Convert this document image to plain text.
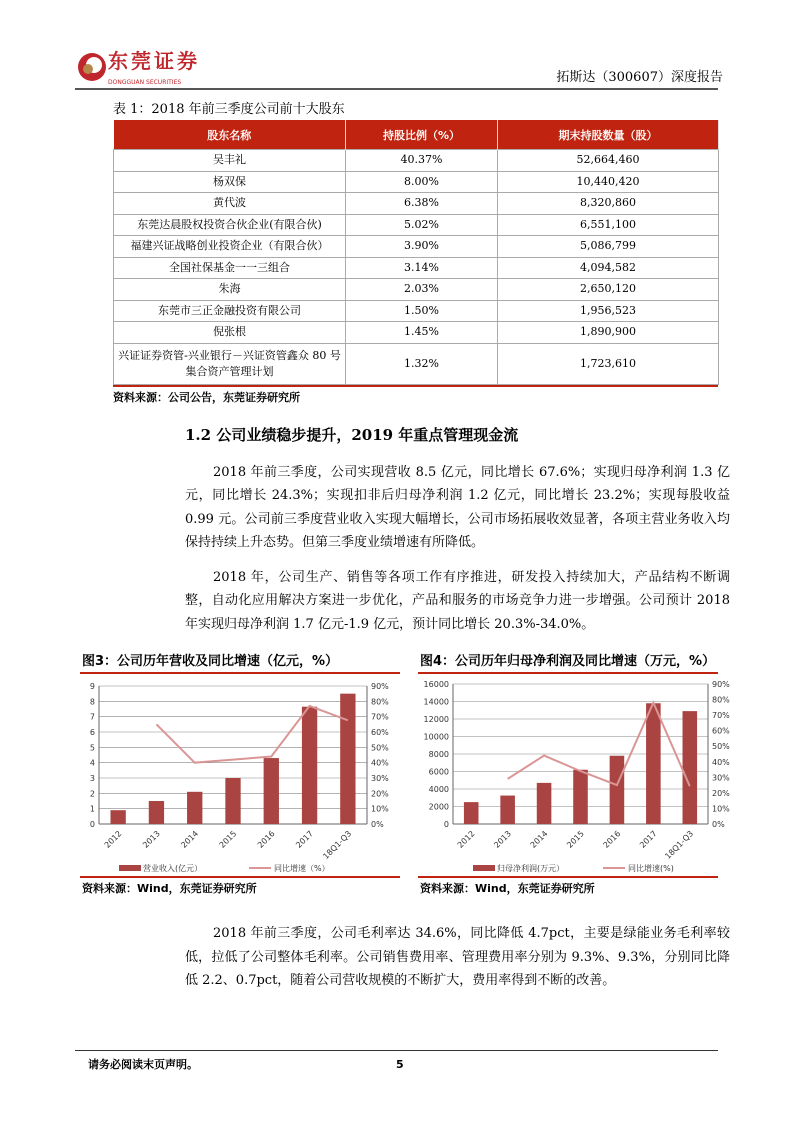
东莞证券
DONGGUAN SECURITIES	拓斯达（300607）深度报告
表 1：2018 年前三季度公司前十大股东
股东名称	持股比例（%）	期末持股数量（股）
吴丰礼	40.37%	52,664,460
杨双保	8.00%	10,440,420
黄代波	6.38%	8,320,860
东莞达晨股权投资合伙企业(有限合伙)	5.02%	6,551,100
福建兴证战略创业投资企业（有限合伙）	3.90%	5,086,799
全国社保基金一一三组合	3.14%	4,094,582
朱海	2.03%	2,650,120
东莞市三正金融投资有限公司	1.50%	1,956,523
倪张根	1.45%	1,890,900
兴证证券资管-兴业银行－兴证资管鑫众 80 号集合资产管理计划	1.32%	1,723,610
资料来源：公司公告，东莞证券研究所
1.2 公司业绩稳步提升，2019 年重点管理现金流

2018 年前三季度，公司实现营收 8.5 亿元，同比增长 67.6%；实现归母净利润 1.3 亿元，同比增长 24.3%；实现扣非后归母净利润 1.2 亿元，同比增长 23.2%；实现每股收益 0.99 元。公司前三季度营业收入实现大幅增长，公司市场拓展收效显著，各项主营业务收入均保持持续上升态势。但第三季度业绩增速有所降低。

2018 年，公司生产、销售等各项工作有序推进，研发投入持续加大，产品结构不断调整，自动化应用解决方案进一步优化，产品和服务的市场竞争力进一步增强。公司预计 2018 年实现归母净利润 1.7 亿元-1.9 亿元，预计同比增长 20.3%-34.0%。

图3：公司历年营收及同比增速（亿元，%）
0
1
2
3
4
5
6
7
8
9
0%
10%
20%
30%
40%
50%
60%
70%
80%
90%
2012 2013 2014 2015 2016 2017 18Q1-Q3
营业收入(亿元）	同比增速（%）
资料来源：Wind，东莞证券研究所
图4：公司历年归母净利润及同比增速（万元，%）
0
2000
4000
6000
8000
10000
12000
14000
16000
0%
10%
20%
30%
40%
50%
60%
70%
80%
90%
2012 2013 2014 2015 2016 2017 18Q1-Q3
归母净利润(万元）	同比增速(%)
资料来源：Wind，东莞证券研究所

2018 年前三季度，公司毛利率达 34.6%，同比降低 4.7pct，主要是绿能业务毛利率较低，拉低了公司整体毛利率。公司销售费用率、管理费用率分别为 9.3%、9.3%，分别同比降低 2.2、0.7pct，随着公司营收规模的不断扩大，费用率得到不断的改善。

请务必阅读末页声明。	5
